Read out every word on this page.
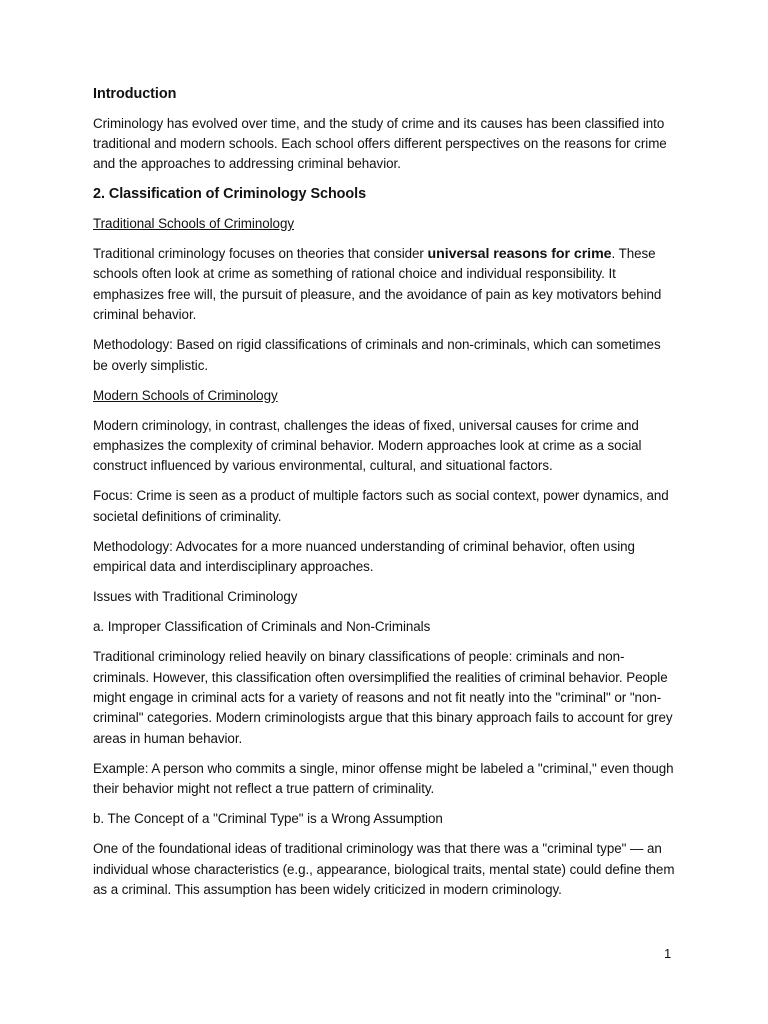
Introduction

Criminology has evolved over time, and the study of crime and its causes has been classified into traditional and modern schools. Each school offers different perspectives on the reasons for crime and the approaches to addressing criminal behavior.

2. Classification of Criminology Schools

Traditional Schools of Criminology

Traditional criminology focuses on theories that consider universal reasons for crime. These schools often look at crime as something of rational choice and individual responsibility. It emphasizes free will, the pursuit of pleasure, and the avoidance of pain as key motivators behind criminal behavior.

Methodology: Based on rigid classifications of criminals and non-criminals, which can sometimes be overly simplistic.

Modern Schools of Criminology

Modern criminology, in contrast, challenges the ideas of fixed, universal causes for crime and emphasizes the complexity of criminal behavior. Modern approaches look at crime as a social construct influenced by various environmental, cultural, and situational factors.

Focus: Crime is seen as a product of multiple factors such as social context, power dynamics, and societal definitions of criminality.

Methodology: Advocates for a more nuanced understanding of criminal behavior, often using empirical data and interdisciplinary approaches.

Issues with Traditional Criminology

a. Improper Classification of Criminals and Non-Criminals

Traditional criminology relied heavily on binary classifications of people: criminals and non-criminals. However, this classification often oversimplified the realities of criminal behavior. People might engage in criminal acts for a variety of reasons and not fit neatly into the "criminal" or "non-criminal" categories. Modern criminologists argue that this binary approach fails to account for grey areas in human behavior.

Example: A person who commits a single, minor offense might be labeled a "criminal," even though their behavior might not reflect a true pattern of criminality.

b. The Concept of a "Criminal Type" is a Wrong Assumption

One of the foundational ideas of traditional criminology was that there was a "criminal type" — an individual whose characteristics (e.g., appearance, biological traits, mental state) could define them as a criminal. This assumption has been widely criticized in modern criminology.

1
